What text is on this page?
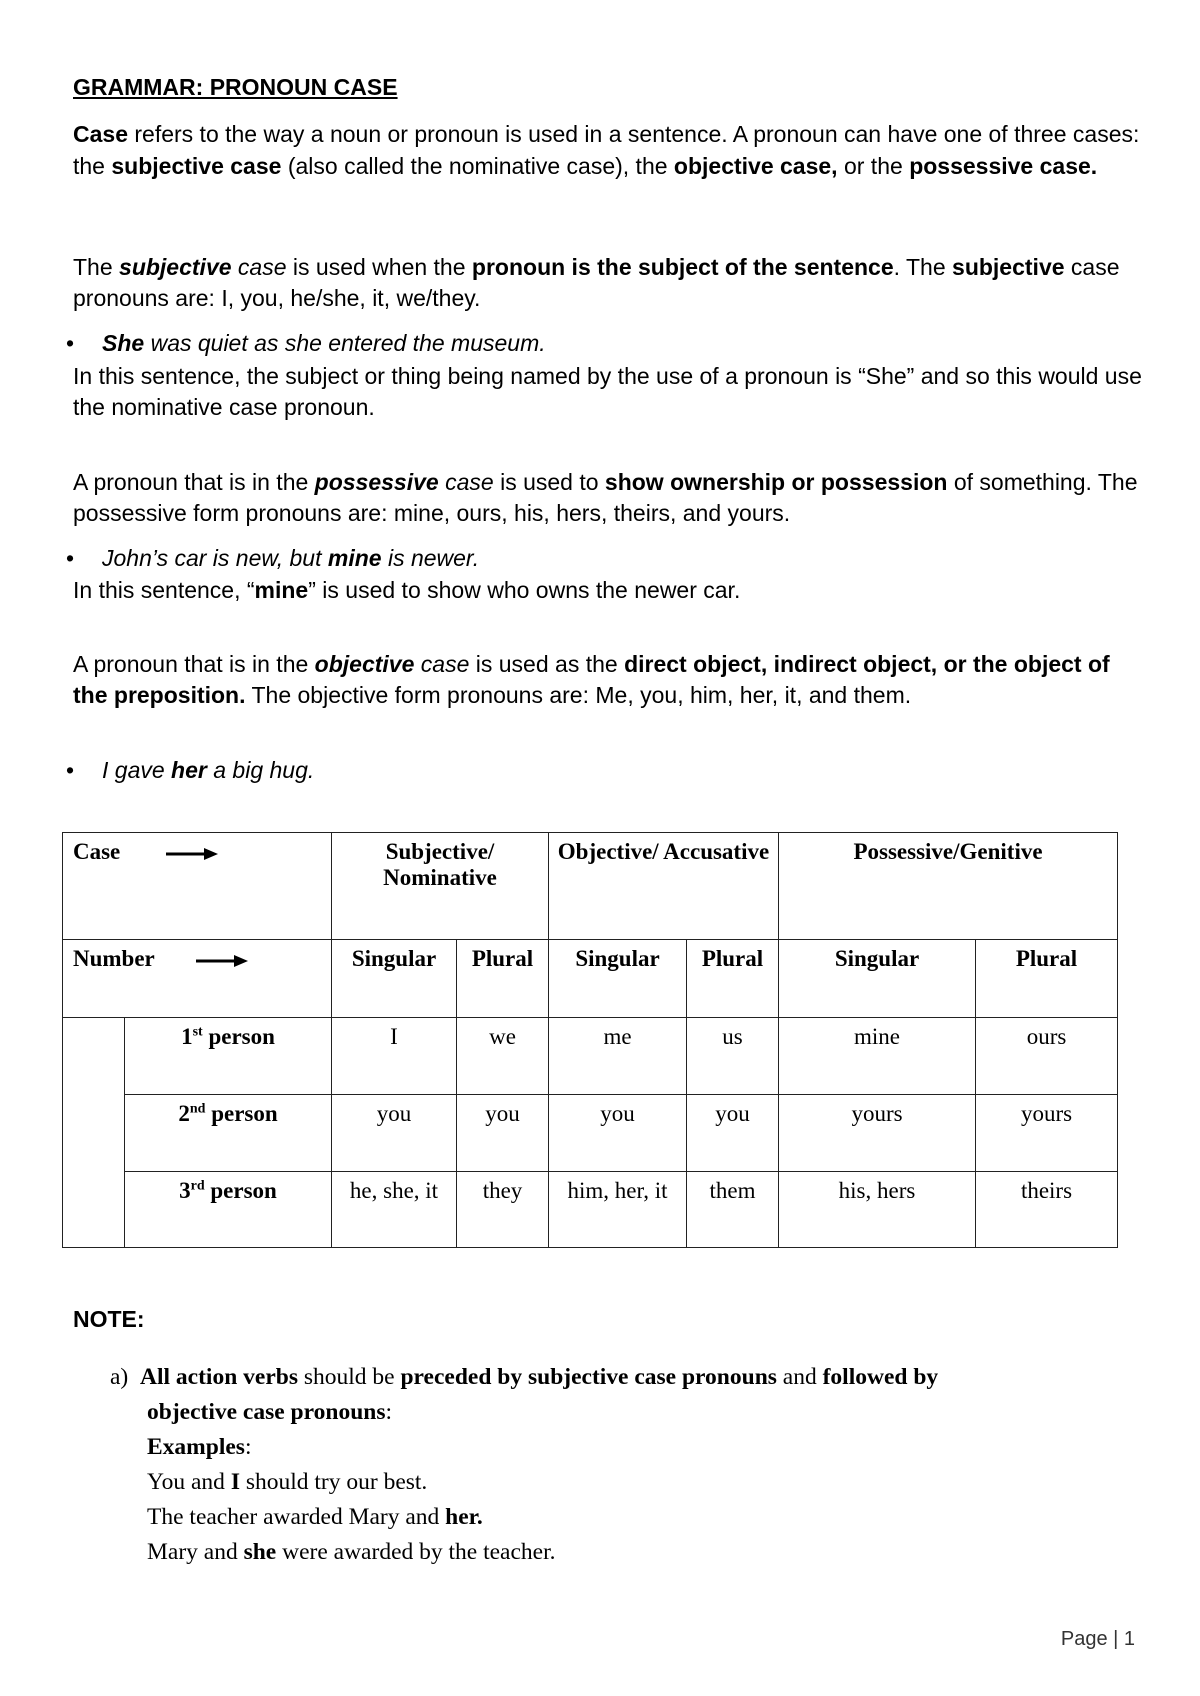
GRAMMAR: PRONOUN CASE
Case refers to the way a noun or pronoun is used in a sentence. A pronoun can have one of three cases: the subjective case (also called the nominative case), the objective case, or the possessive case.
The subjective case is used when the pronoun is the subject of the sentence. The subjective case pronouns are: I, you, he/she, it, we/they.
• She was quiet as she entered the museum.
In this sentence, the subject or thing being named by the use of a pronoun is “She” and so this would use the nominative case pronoun.
A pronoun that is in the possessive case is used to show ownership or possession of something. The possessive form pronouns are: mine, ours, his, hers, theirs, and yours.
• John’s car is new, but mine is newer.
In this sentence, “mine” is used to show who owns the newer car.
A pronoun that is in the objective case is used as the direct object, indirect object, or the object of the preposition. The objective form pronouns are: Me, you, him, her, it, and them.
• I gave her a big hug.
Case		Subjective/ Nominative		Objective/ Accusative		Possessive/Genitive	
Number		Singular	Plural	Singular	Plural	Singular	Plural
	1st person	I	we	me	us	mine	ours
	2nd person	you	you	you	you	yours	yours
	3rd person	he, she, it	they	him, her, it	them	his, hers	theirs
NOTE:
a) All action verbs should be preceded by subjective case pronouns and followed by
objective case pronouns:
Examples:
You and I should try our best.
The teacher awarded Mary and her.
Mary and she were awarded by the teacher.
Page | 1
